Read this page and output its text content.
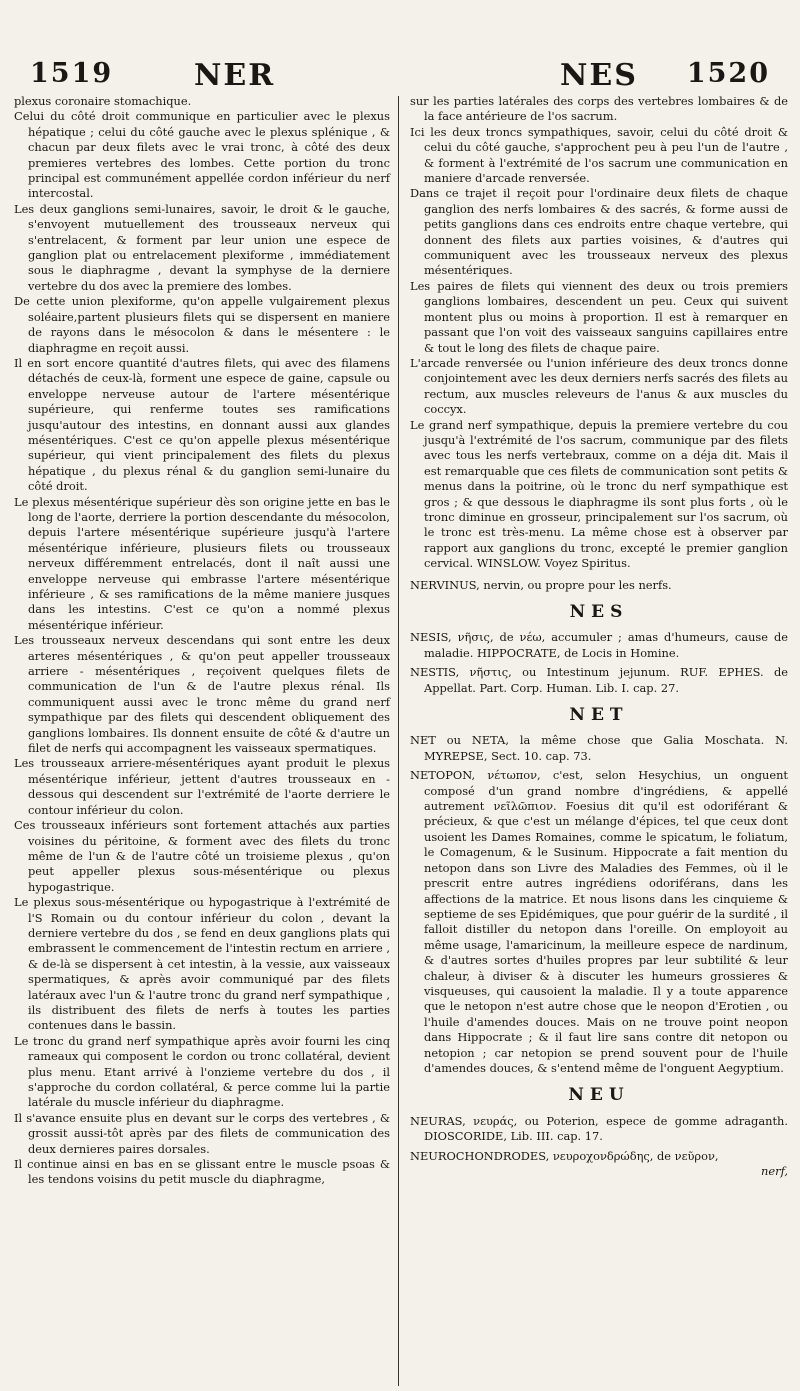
1519	NER	NES 1520

plexus coronaire stomachique.

Celui du côté droit communique en particulier avec le plexus hépatique ; celui du côté gauche avec le plexus splénique , & chacun par deux filets avec le vrai tronc, à côté des deux premieres vertebres des lombes. Cette portion du tronc principal est communément appellée cordon inférieur du nerf intercostal.

Les deux ganglions semi-lunaires, savoir, le droit & le gauche, s'envoyent mutuellement des trousseaux nerveux qui s'entrelacent, & forment par leur union une espece de ganglion plat ou entrelacement plexiforme , immédiatement sous le diaphragme , devant la symphyse de la derniere vertebre du dos avec la premiere des lombes.

De cette union plexiforme, qu'on appelle vulgairement plexus soléaire,partent plusieurs filets qui se dispersent en maniere de rayons dans le mésocolon & dans le mésentere : le diaphragme en reçoit aussi.

Il en sort encore quantité d'autres filets, qui avec des filamens détachés de ceux-là, forment une espece de gaine, capsule ou enveloppe nerveuse autour de l'artere mésentérique supérieure, qui renferme toutes ses ramifications jusqu'autour des intestins, en donnant aussi aux glandes mésentériques. C'est ce qu'on appelle plexus mésentérique supérieur, qui vient principalement des filets du plexus hépatique , du plexus rénal & du ganglion semi-lunaire du côté droit.

Le plexus mésentérique supérieur dès son origine jette en bas le long de l'aorte, derriere la portion descendante du mésocolon, depuis l'artere mésentérique supérieure jusqu'à l'artere mésentérique inférieure, plusieurs filets ou trousseaux nerveux différemment entrelacés, dont il naît aussi une enveloppe nerveuse qui embrasse l'artere mésentérique inférieure , & ses ramifications de la même maniere jusques dans les intestins. C'est ce qu'on a nommé plexus mésentérique inférieur.

Les trousseaux nerveux descendans qui sont entre les deux arteres mésentériques , & qu'on peut appeller trousseaux arriere - mésentériques , reçoivent quelques filets de communication de l'un & de l'autre plexus rénal. Ils communiquent aussi avec le tronc même du grand nerf sympathique par des filets qui descendent obliquement des ganglions lombaires. Ils donnent ensuite de côté & d'autre un filet de nerfs qui accompagnent les vaisseaux spermatiques.

Les trousseaux arriere-mésentériques ayant produit le plexus mésentérique inférieur, jettent d'autres trousseaux en - dessous qui descendent sur l'extrémité de l'aorte derriere le contour inférieur du colon.

Ces trousseaux inférieurs sont fortement attachés aux parties voisines du péritoine, & forment avec des filets du tronc même de l'un & de l'autre côté un troisieme plexus , qu'on peut appeller plexus sous-mésentérique ou plexus hypogastrique.

Le plexus sous-mésentérique ou hypogastrique à l'extrémité de l'S Romain ou du contour inférieur du colon , devant la derniere vertebre du dos , se fend en deux ganglions plats qui embrassent le commencement de l'intestin rectum en arriere , & de-là se dispersent à cet intestin, à la vessie, aux vaisseaux spermatiques, & après avoir communiqué par des filets latéraux avec l'un & l'autre tronc du grand nerf sympathique , ils distribuent des filets de nerfs à toutes les parties contenues dans le bassin.

Le tronc du grand nerf sympathique après avoir fourni les cinq rameaux qui composent le cordon ou tronc collatéral, devient plus menu. Etant arrivé à l'onzieme vertebre du dos , il s'approche du cordon collatéral, & perce comme lui la partie latérale du muscle inférieur du diaphragme.

Il s'avance ensuite plus en devant sur le corps des vertebres , & grossit aussi-tôt après par des filets de communication des deux dernieres paires dorsales.

Il continue ainsi en bas en se glissant entre le muscle psoas & les tendons voisins du petit muscle du diaphragme,

sur les parties latérales des corps des vertebres lombaires & de la face antérieure de l'os sacrum.

Ici les deux troncs sympathiques, savoir, celui du côté droit & celui du côté gauche, s'approchent peu à peu l'un de l'autre , & forment à l'extrémité de l'os sacrum une communication en maniere d'arcade renversée.

Dans ce trajet il reçoit pour l'ordinaire deux filets de chaque ganglion des nerfs lombaires & des sacrés, & forme aussi de petits ganglions dans ces endroits entre chaque vertebre, qui donnent des filets aux parties voisines, & d'autres qui communiquent avec les trousseaux nerveux des plexus mésentériques.

Les paires de filets qui viennent des deux ou trois premiers ganglions lombaires, descendent un peu. Ceux qui suivent montent plus ou moins à proportion. Il est à remarquer en passant que l'on voit des vaisseaux sanguins capillaires entre & tout le long des filets de chaque paire.

L'arcade renversée ou l'union inférieure des deux troncs donne conjointement avec les deux derniers nerfs sacrés des filets au rectum, aux muscles releveurs de l'anus & aux muscles du coccyx.

Le grand nerf sympathique, depuis la premiere vertebre du cou jusqu'à l'extrémité de l'os sacrum, communique par des filets avec tous les nerfs vertebraux, comme on a déja dit. Mais il est remarquable que ces filets de communication sont petits & menus dans la poitrine, où le tronc du nerf sympathique est gros ; & que dessous le diaphragme ils sont plus forts , où le tronc diminue en grosseur, principalement sur l'os sacrum, où le tronc est très-menu. La même chose est à observer par rapport aux ganglions du tronc, excepté le premier ganglion cervical. WINSLOW. Voyez Spiritus.

NERVINUS, nervin, ou propre pour les nerfs.

NES

NESIS, νῆσις, de νέω, accumuler ; amas d'humeurs, cause de maladie. HIPPOCRATE, de Locis in Homine.

NESTIS, νῆστις, ou Intestinum jejunum. RUF. EPHES. de Appellat. Part. Corp. Human. Lib. I. cap. 27.

NET

NET ou NETA, la même chose que Galia Moschata. N. MYREPSE, Sect. 10. cap. 73.

NETOPON, νέτωπον, c'est, selon Hesychius, un onguent composé d'un grand nombre d'ingrédiens, & appellé autrement νεῖλῶπιον. Foesius dit qu'il est odoriférant & précieux, & que c'est un mélange d'épices, tel que ceux dont usoient les Dames Romaines, comme le spicatum, le foliatum, le Comagenum, & le Susinum. Hippocrate a fait mention du netopon dans son Livre des Maladies des Femmes, où il le prescrit entre autres ingrédiens odoriférans, dans les affections de la matrice. Et nous lisons dans les cinquieme & septieme de ses Epidémiques, que pour guérir de la surdité , il falloit distiller du netopon dans l'oreille. On employoit au même usage, l'amaricinum, la meilleure espece de nardinum, & d'autres sortes d'huiles propres par leur subtilité & leur chaleur, à diviser & à discuter les humeurs grossieres & visqueuses, qui causoient la maladie. Il y a toute apparence que le netopon n'est autre chose que le neopon d'Erotien , ou l'huile d'amendes douces. Mais on ne trouve point neopon dans Hippocrate ; & il faut lire sans contre dit netopon ou netopion ; car netopion se prend souvent pour de l'huile d'amendes douces, & s'entend même de l'onguent Aegyptium.

NEU

NEURAS, νευράς, ou Poterion, espece de gomme adraganth. DIOSCORIDE, Lib. III. cap. 17.

NEUROCHONDRODES, νευροχονδρώδης, de νεῦρον,

nerf,
